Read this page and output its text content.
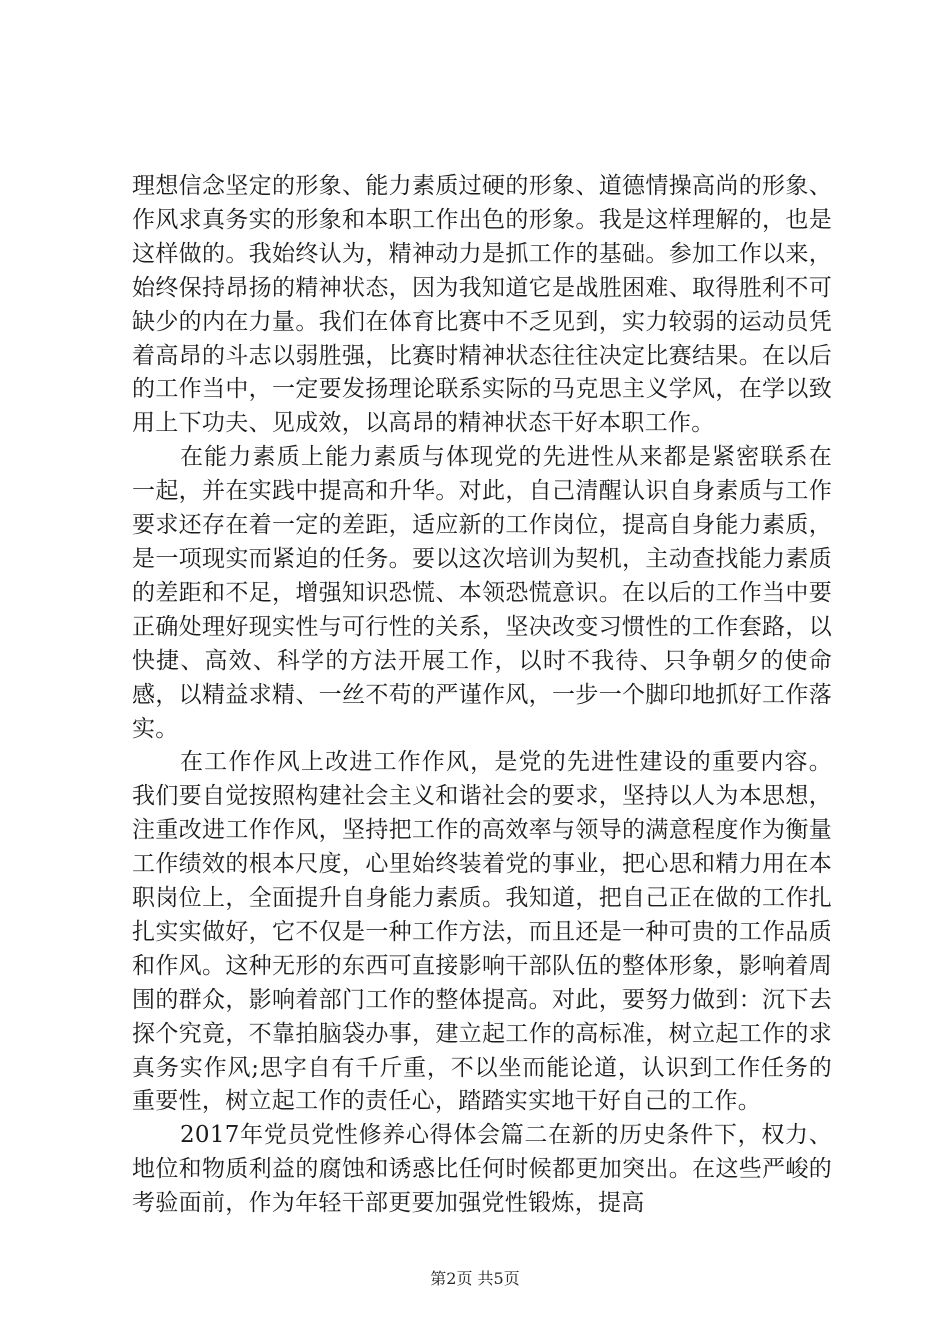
理想信念坚定的形象、能力素质过硬的形象、道德情操高尚的形象、作风求真务实的形象和本职工作出色的形象。我是这样理解的，也是这样做的。我始终认为，精神动力是抓工作的基础。参加工作以来，始终保持昂扬的精神状态，因为我知道它是战胜困难、取得胜利不可缺少的内在力量。我们在体育比赛中不乏见到，实力较弱的运动员凭着高昂的斗志以弱胜强，比赛时精神状态往往决定比赛结果。在以后的工作当中，一定要发扬理论联系实际的马克思主义学风，在学以致用上下功夫、见成效，以高昂的精神状态干好本职工作。

在能力素质上能力素质与体现党的先进性从来都是紧密联系在一起，并在实践中提高和升华。对此，自己清醒认识自身素质与工作要求还存在着一定的差距，适应新的工作岗位，提高自身能力素质，是一项现实而紧迫的任务。要以这次培训为契机，主动查找能力素质的差距和不足，增强知识恐慌、本领恐慌意识。在以后的工作当中要正确处理好现实性与可行性的关系，坚决改变习惯性的工作套路，以快捷、高效、科学的方法开展工作，以时不我待、只争朝夕的使命感，以精益求精、一丝不苟的严谨作风，一步一个脚印地抓好工作落实。

在工作作风上改进工作作风，是党的先进性建设的重要内容。我们要自觉按照构建社会主义和谐社会的要求，坚持以人为本思想，注重改进工作作风，坚持把工作的高效率与领导的满意程度作为衡量工作绩效的根本尺度，心里始终装着党的事业，把心思和精力用在本职岗位上，全面提升自身能力素质。我知道，把自己正在做的工作扎扎实实做好，它不仅是一种工作方法，而且还是一种可贵的工作品质和作风。这种无形的东西可直接影响干部队伍的整体形象，影响着周围的群众，影响着部门工作的整体提高。对此，要努力做到：沉下去探个究竟，不靠拍脑袋办事，建立起工作的高标准，树立起工作的求真务实作风;思字自有千斤重，不以坐而能论道，认识到工作任务的重要性，树立起工作的责任心，踏踏实实地干好自己的工作。

2017年党员党性修养心得体会篇二在新的历史条件下，权力、地位和物质利益的腐蚀和诱惑比任何时候都更加突出。在这些严峻的考验面前，作为年轻干部更要加强党性锻炼，提高

第2页 共5页
